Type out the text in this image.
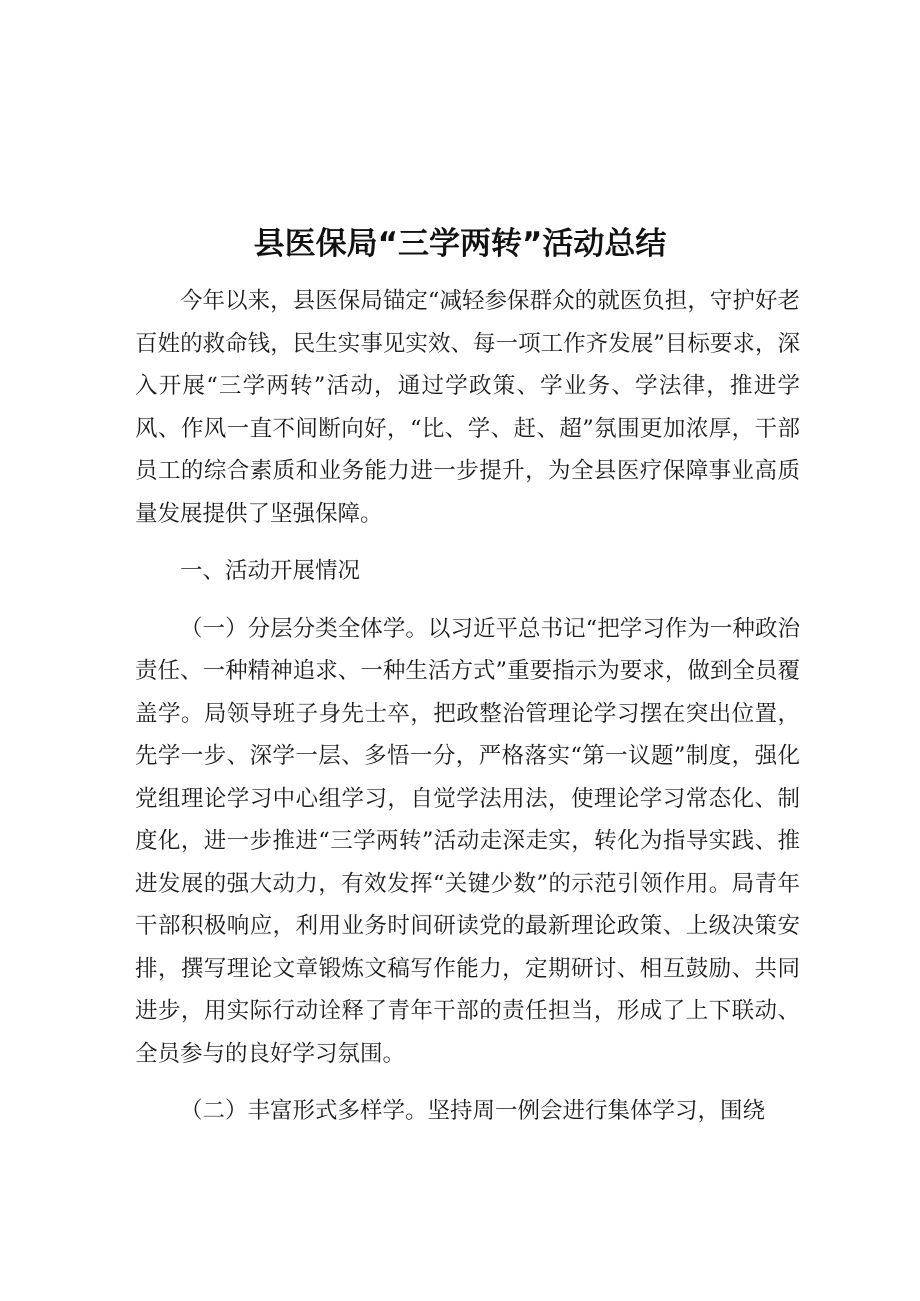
县医保局“三学两转”活动总结

今年以来，县医保局锚定“减轻参保群众的就医负担，守护好老百姓的救命钱，民生实事见实效、每一项工作齐发展”目标要求，深入开展“三学两转”活动，通过学政策、学业务、学法律，推进学风、作风一直不间断向好，“比、学、赶、超”氛围更加浓厚，干部员工的综合素质和业务能力进一步提升，为全县医疗保障事业高质量发展提供了坚强保障。

一、活动开展情况

（一）分层分类全体学。以习近平总书记“把学习作为一种政治责任、一种精神追求、一种生活方式”重要指示为要求，做到全员覆盖学。局领导班子身先士卒，把政整治管理论学习摆在突出位置，先学一步、深学一层、多悟一分，严格落实“第一议题”制度，强化党组理论学习中心组学习，自觉学法用法，使理论学习常态化、制度化，进一步推进“三学两转”活动走深走实，转化为指导实践、推进发展的强大动力，有效发挥“关键少数”的示范引领作用。局青年干部积极响应，利用业务时间研读党的最新理论政策、上级决策安排，撰写理论文章锻炼文稿写作能力，定期研讨、相互鼓励、共同进步，用实际行动诠释了青年干部的责任担当，形成了上下联动、全员参与的良好学习氛围。

（二）丰富形式多样学。坚持周一例会进行集体学习，围绕
